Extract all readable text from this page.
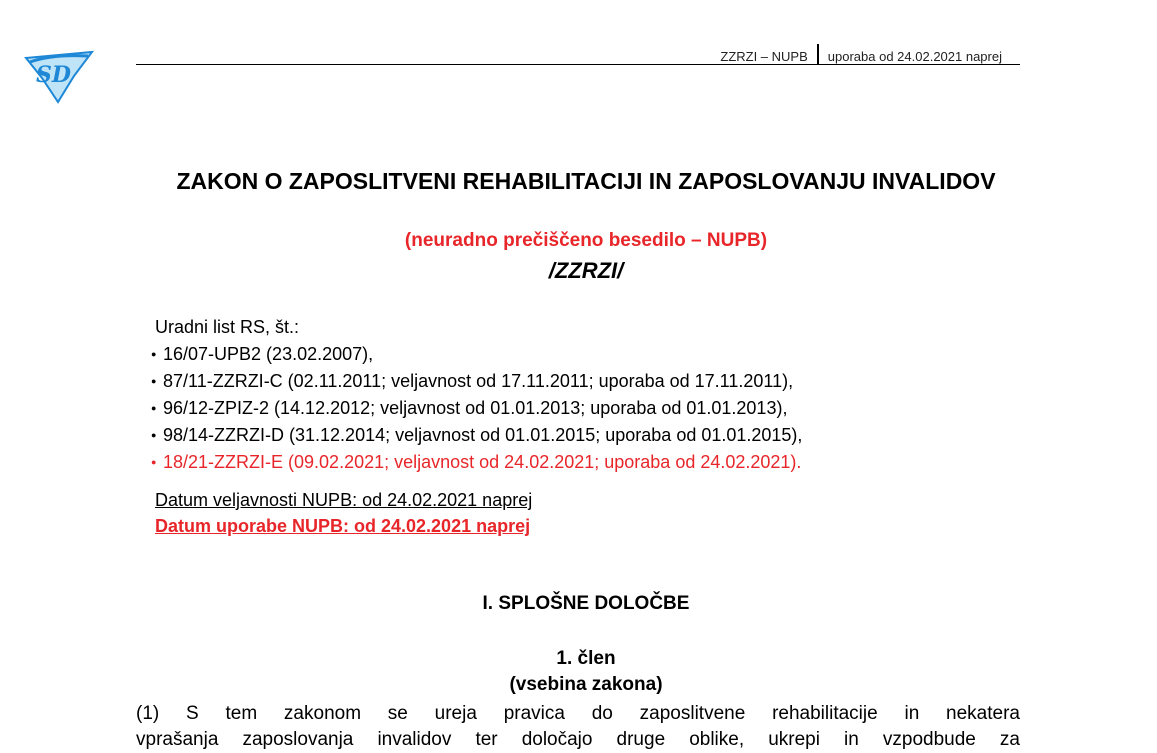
SD
ZZRZI – NUPB uporaba od 24.02.2021 naprej
ZAKON O ZAPOSLITVENI REHABILITACIJI IN ZAPOSLOVANJU INVALIDOV
(neuradno prečiščeno besedilo – NUPB)
/ZZRZI/
Uradni list RS, št.:
● 16/07-UPB2 (23.02.2007),
● 87/11-ZZRZI-C (02.11.2011; veljavnost od 17.11.2011; uporaba od 17.11.2011),
● 96/12-ZPIZ-2 (14.12.2012; veljavnost od 01.01.2013; uporaba od 01.01.2013),
● 98/14-ZZRZI-D (31.12.2014; veljavnost od 01.01.2015; uporaba od 01.01.2015),
● 18/21-ZZRZI-E (09.02.2021; veljavnost od 24.02.2021; uporaba od 24.02.2021).
Datum veljavnosti NUPB: od 24.02.2021 naprej
Datum uporabe NUPB: od 24.02.2021 naprej
I. SPLOŠNE DOLOČBE
1. člen
(vsebina zakona)
(1) S tem zakonom se ureja pravica do zaposlitvene rehabilitacije in nekatera
vprašanja zaposlovanja invalidov ter določajo druge oblike, ukrepi in vzpodbude za
